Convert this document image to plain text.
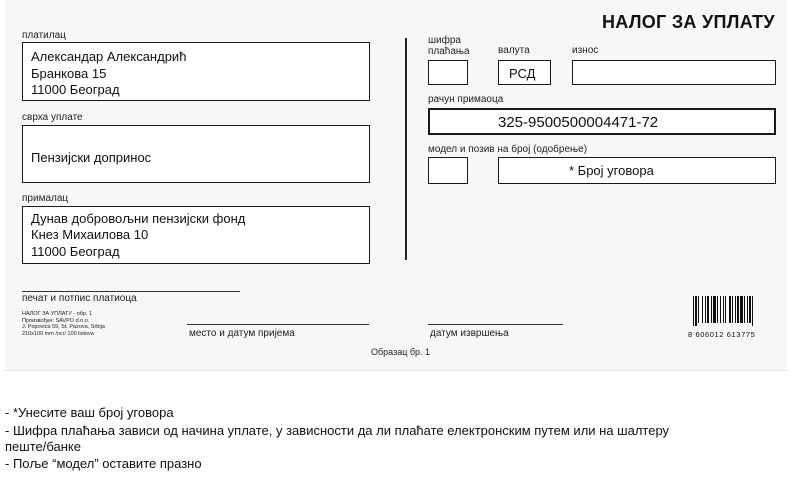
НАЛОГ ЗА УПЛАТУ
платилац
Александар Александрић
Бранкова 15
11000 Београд
сврха уплате
Пензијски допринос
прималац
Дунав добровољни пензијски фонд
Кнез Михаилова 10
11000 Београд
печат и потпис платиоца
НАЛОГ ЗА УПЛАТУ - обр. 1
Произвођач: SAVPO d.o.o.
J. Popovića 59, St. Pazova, Srbija
210x100 mm /ncr/ 100 listova	место и датум пријема
шифра
плаћања	валута
РСД
износ
рачун примаоца
325-9500500004471-72
модел и позив на број (одобрење)
* Број уговора
датум извршења	8 606012 613775
Образац бр. 1
- *Унесите ваш број уговора
- Шифра плаћања зависи од начина уплате, у зависности да ли плаћате електронским путем или на шалтеру
пеште/банке
- Поље “модел” оставите празно
